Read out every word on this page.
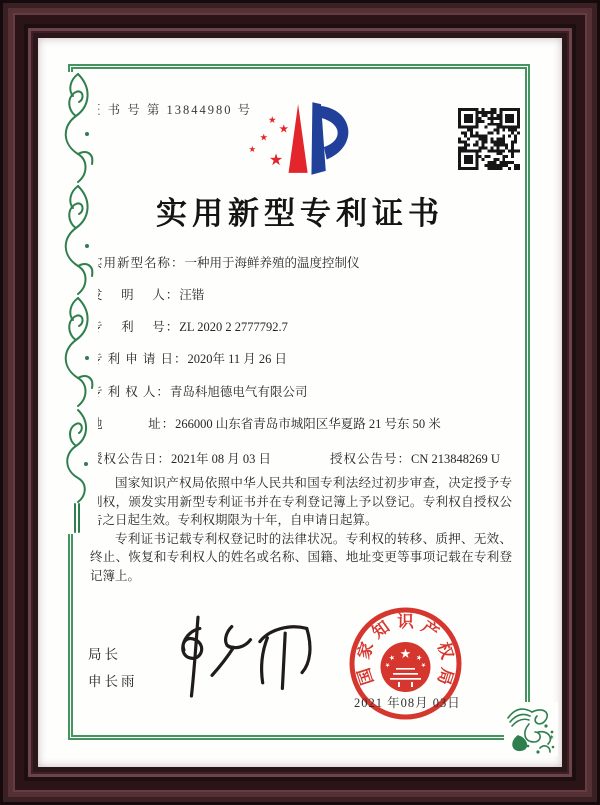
✶
证 书 号 第 13844980 号
★
★
★
★
★
实用新型专利证书
实用新型名称：一种用于海鲜养殖的温度控制仪
发　 明　 人：汪锴
专　 利　 号：ZL 2020 2 2777792.7
专 利 申 请 日：2020年 11 月 26 日
专 利 权 人：青岛科旭德电气有限公司
地　　　 址：266000 山东省青岛市城阳区华夏路 21 号东 50 米
授权公告日：2021年 08 月 03 日	授权公告号：CN 213848269 U

国家知识产权局依照中华人民共和国专利法经过初步审查，决定授予专利权，颁发实用新型专利证书并在专利登记簿上予以登记。专利权自授权公告之日起生效。专利权期限为十年，自申请日起算。

专利证书记载专利权登记时的法律状况。专利权的转移、质押、无效、终止、恢复和专利权人的姓名或名称、国籍、地址变更等事项记载在专利登记簿上。

局长
申长雨	国
家
知 识 产
权
局
★
★	★
★	★
2021 年08月 03日
